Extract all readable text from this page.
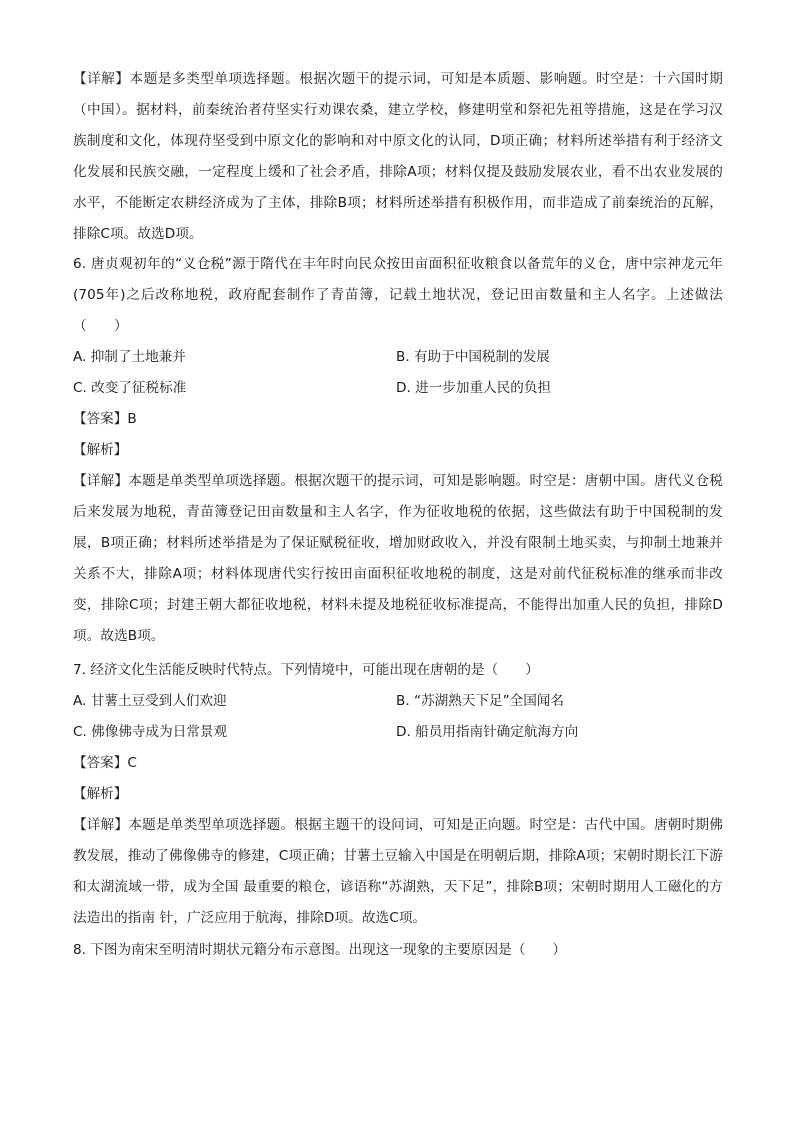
【详解】本题是多类型单项选择题。根据次题干的提示词，可知是本质题、影响题。时空是：十六国时期（中国）。据材料，前秦统治者苻坚实行劝课农桑，建立学校，修建明堂和祭祀先祖等措施，这是在学习汉族制度和文化，体现苻坚受到中原文化的影响和对中原文化的认同，D项正确；材料所述举措有利于经济文化发展和民族交融，一定程度上缓和了社会矛盾，排除A项；材料仅提及鼓励发展农业，看不出农业发展的水平，不能断定农耕经济成为了主体，排除B项；材料所述举措有积极作用，而非造成了前秦统治的瓦解，排除C项。故选D项。

6. 唐贞观初年的“义仓税”源于隋代在丰年时向民众按田亩面积征收粮食以备荒年的义仓，唐中宗神龙元年(705年)之后改称地税，政府配套制作了青苗簿，记载土地状况，登记田亩数量和主人名字。上述做法（　　）

A. 抑制了土地兼并	B. 有助于中国税制的发展

C. 改变了征税标准	D. 进一步加重人民的负担

【答案】B

【解析】

【详解】本题是单类型单项选择题。根据次题干的提示词，可知是影响题。时空是：唐朝中国。唐代义仓税后来发展为地税，青苗簿登记田亩数量和主人名字，作为征收地税的依据，这些做法有助于中国税制的发展，B项正确；材料所述举措是为了保证赋税征收，增加财政收入，并没有限制土地买卖，与抑制土地兼并关系不大，排除A项；材料体现唐代实行按田亩面积征收地税的制度，这是对前代征税标准的继承而非改变，排除C项；封建王朝大都征收地税，材料未提及地税征收标准提高，不能得出加重人民的负担，排除D项。故选B项。

7. 经济文化生活能反映时代特点。下列情境中，可能出现在唐朝的是（　　）

A. 甘薯土豆受到人们欢迎	B. “苏湖熟天下足”全国闻名

C. 佛像佛寺成为日常景观	D. 船员用指南针确定航海方向

【答案】C

【解析】

【详解】本题是单类型单项选择题。根据主题干的设问词，可知是正向题。时空是：古代中国。唐朝时期佛教发展，推动了佛像佛寺的修建，C项正确；甘薯土豆输入中国是在明朝后期，排除A项；宋朝时期长江下游和太湖流域一带，成为全国 最重要的粮仓，谚语称“苏湖熟，天下足”，排除B项；宋朝时期用人工磁化的方法造出的指南 针，广泛应用于航海，排除D项。故选C项。

8. 下图为南宋至明清时期状元籍分布示意图。出现这一现象的主要原因是（　　）
